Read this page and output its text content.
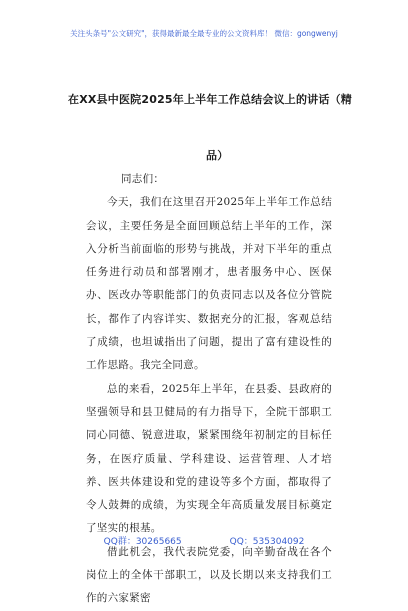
关注头条号"公文研究"，获得最新最全最专业的公文资料库！ 微信：gongwenyj
在XX县中医院2025年上半年工作总结会议上的讲话（精
品）

同志们：

今天，我们在这里召开2025年上半年工作总结会议，主要任务是全面回顾总结上半年的工作，深入分析当前面临的形势与挑战，并对下半年的重点任务进行动员和部署刚才，患者服务中心、医保办、医改办等职能部门的负责同志以及各位分管院长，都作了内容详实、数据充分的汇报，客观总结了成绩，也坦诚指出了问题，提出了富有建设性的工作思路。我完全同意。

总的来看，2025年上半年，在县委、县政府的坚强领导和县卫健局的有力指导下，全院干部职工同心同德、锐意进取，紧紧围绕年初制定的目标任务，在医疗质量、学科建设、运营管理、人才培养、医共体建设和党的建设等多个方面，都取得了令人鼓舞的成绩，为实现全年高质量发展目标奠定了坚实的根基。

借此机会，我代表院党委，向辛勤奋战在各个岗位上的全体干部职工，以及长期以来支持我们工作的六家紧密

QQ群：30265665	QQ：535304092
